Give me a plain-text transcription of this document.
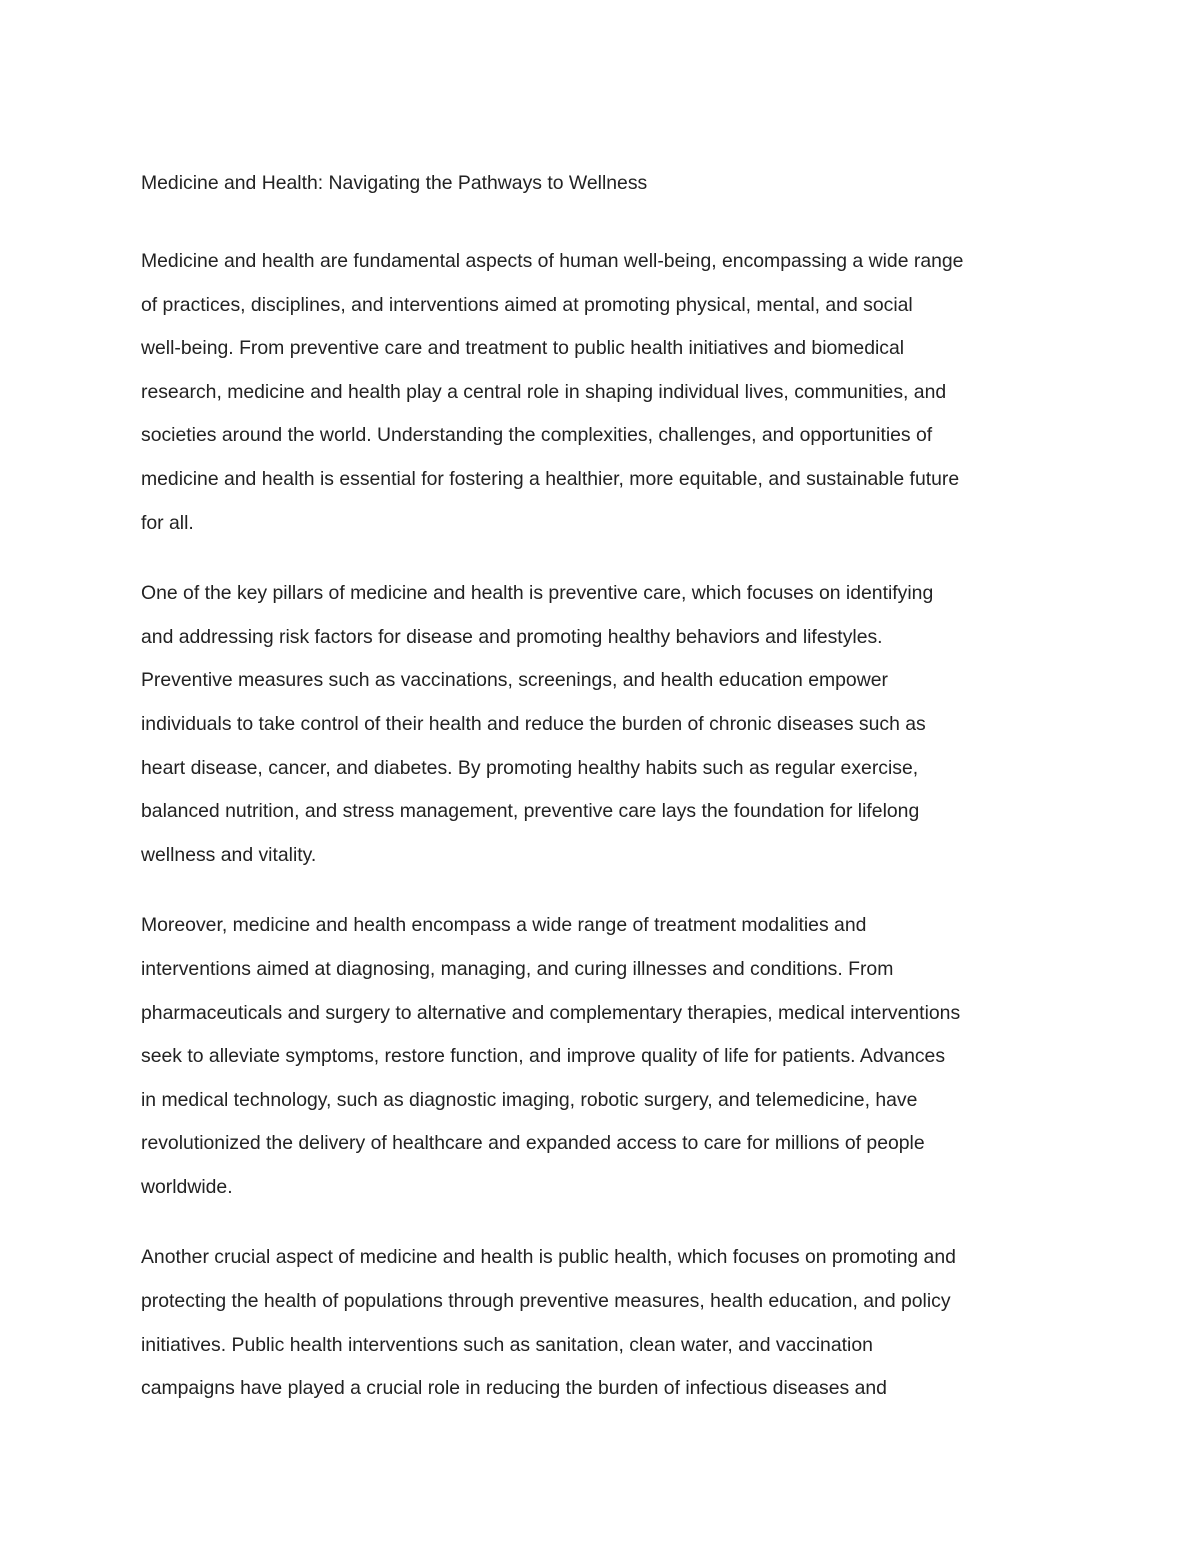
Medicine and Health: Navigating the Pathways to Wellness

Medicine and health are fundamental aspects of human well-being, encompassing a wide range
of practices, disciplines, and interventions aimed at promoting physical, mental, and social
well-being. From preventive care and treatment to public health initiatives and biomedical
research, medicine and health play a central role in shaping individual lives, communities, and
societies around the world. Understanding the complexities, challenges, and opportunities of
medicine and health is essential for fostering a healthier, more equitable, and sustainable future
for all.

One of the key pillars of medicine and health is preventive care, which focuses on identifying
and addressing risk factors for disease and promoting healthy behaviors and lifestyles.
Preventive measures such as vaccinations, screenings, and health education empower
individuals to take control of their health and reduce the burden of chronic diseases such as
heart disease, cancer, and diabetes. By promoting healthy habits such as regular exercise,
balanced nutrition, and stress management, preventive care lays the foundation for lifelong
wellness and vitality.

Moreover, medicine and health encompass a wide range of treatment modalities and
interventions aimed at diagnosing, managing, and curing illnesses and conditions. From
pharmaceuticals and surgery to alternative and complementary therapies, medical interventions
seek to alleviate symptoms, restore function, and improve quality of life for patients. Advances
in medical technology, such as diagnostic imaging, robotic surgery, and telemedicine, have
revolutionized the delivery of healthcare and expanded access to care for millions of people
worldwide.

Another crucial aspect of medicine and health is public health, which focuses on promoting and
protecting the health of populations through preventive measures, health education, and policy
initiatives. Public health interventions such as sanitation, clean water, and vaccination
campaigns have played a crucial role in reducing the burden of infectious diseases and
